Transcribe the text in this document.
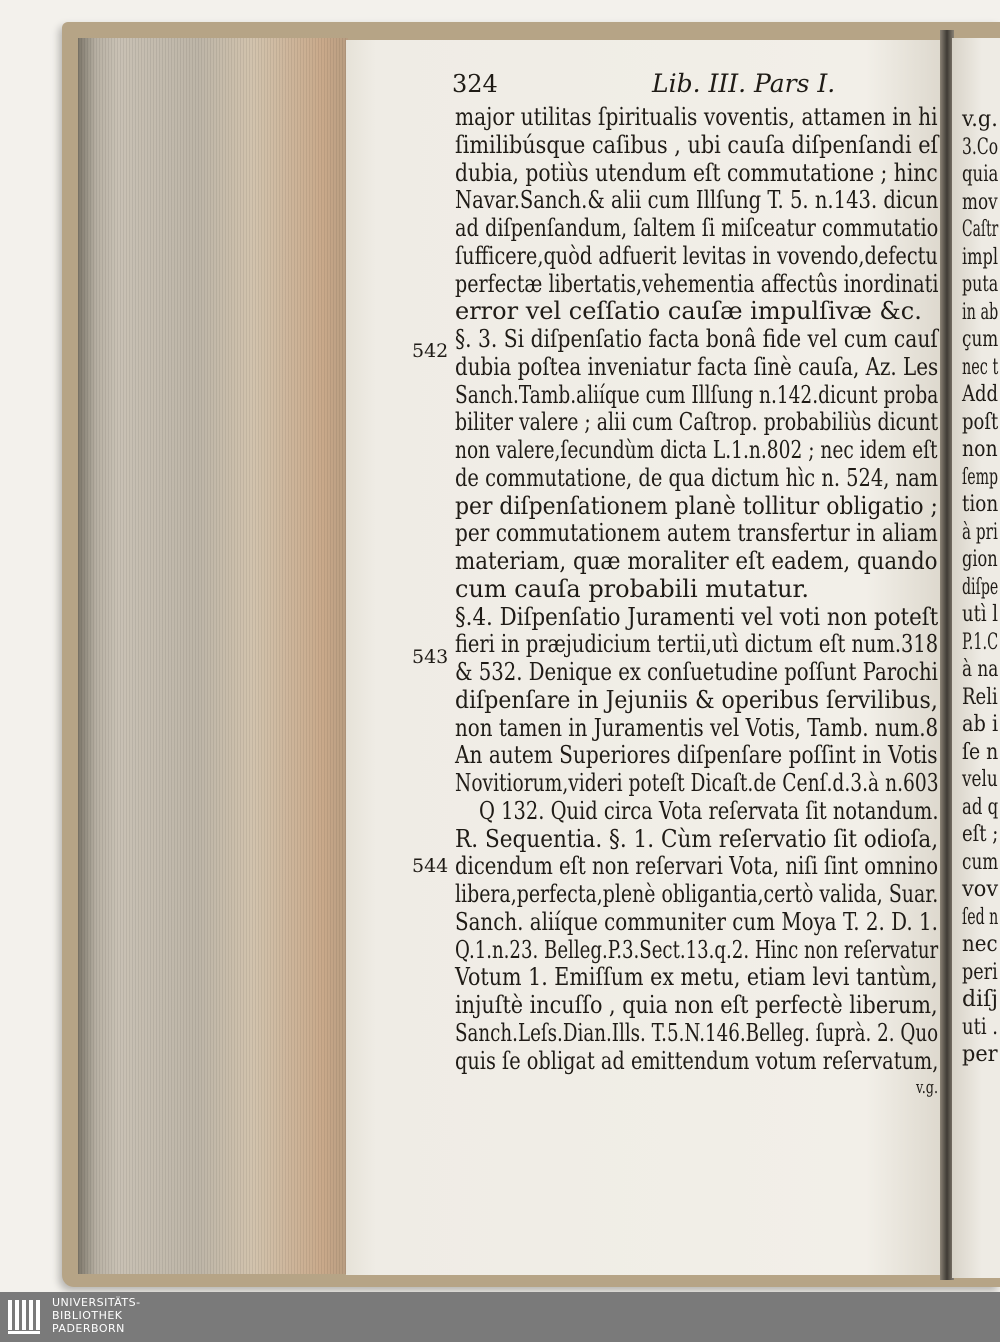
324	Lib. III. Pars I.
major utilitas ſpiritualis voventis, attamen in hi
ſimilibúsque caſibus , ubi cauſa diſpenſandi eſ
dubia, potiùs utendum eſt commutatione ; hinc
Navar.Sanch.& alii cum Illſung T. 5. n.143. dicun
ad diſpenſandum, ſaltem ſi miſceatur commutatio
ſufficere,quòd adfuerit levitas in vovendo,defectu
perfectæ libertatis,vehementia affectûs inordinati
error vel ceſſatio cauſæ impulſivæ &c.
§. 3. Si diſpenſatio facta bonâ fide vel cum cauſ
dubia poſtea inveniatur facta ſinè cauſa, Az. Les
Sanch.Tamb.aliíque cum Illſung n.142.dicunt proba
biliter valere ; alii cum Caſtrop. probabiliùs dicunt
non valere,ſecundùm dicta L.1.n.802 ; nec idem eſt
de commutatione, de qua dictum hìc n. 524, nam
per diſpenſationem planè tollitur obligatio ;
per commutationem autem transfertur in aliam
materiam, quæ moraliter eſt eadem, quando
cum cauſa probabili mutatur.
§.4. Diſpenſatio Juramenti vel voti non poteſt
fieri in præjudicium tertii,utì dictum eſt num.318
& 532. Denique ex conſuetudine poſſunt Parochi
diſpenſare in Jejuniis & operibus ſervilibus,
non tamen in Juramentis vel Votis, Tamb. num.8
An autem Superiores diſpenſare poſſint in Votis
Novitiorum,videri poteſt Dicaſt.de Cenſ.d.3.à n.603
Q 132. Quid circa Vota reſervata ſit notandum.
R. Sequentia. §. 1. Cùm reſervatio ſit odioſa,
dicendum eſt non reſervari Vota, niſi ſint omnino
libera,perfecta,plenè obligantia,certò valida, Suar.
Sanch. aliíque communiter cum Moya T. 2. D. 1.
Q.1.n.23. Belleg.P.3.Sect.13.q.2. Hinc non reſervatur
Votum 1. Emiſſum ex metu, etiam levi tantùm,
injuſtè incuſſo , quia non eſt perfectè liberum,
Sanch.Leſs.Dian.Ills. T.5.N.146.Belleg. ſuprà. 2. Quo
quis ſe obligat ad emittendum votum reſervatum,
v.g.
542
543
544
v.g.
3.Co
quia
mov
Caſtr
impl
puta
in ab
çum
nec t
Add
poſt
non
ſemp
tion
à pri
gion
diſpe
utì l
P.1.C
à na
Reli
ab i
ſe n
velu
ad q
eſt ;
cum
vov
ſed n
nec
peri
diſj
uti .
per
UNIVERSITÄTS-
BIBLIOTHEK
PADERBORN
